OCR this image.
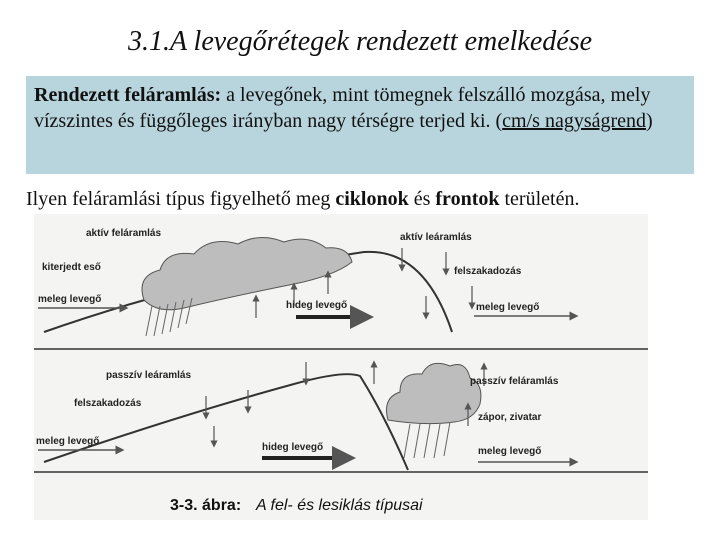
3.1.A levegőrétegek rendezett emelkedése
Rendezett feláramlás: a levegőnek, mint tömegnek felszálló mozgása, mely vízszintes és függőleges irányban nagy térségre terjed ki. (cm/s nagyságrend)
Ilyen feláramlási típus figyelhető meg ciklonok és frontok területén.
aktív feláramlás
kiterjedt eső
meleg levegő
aktív leáramlás
felszakadozás
hideg levegő	meleg levegő
passzív leáramlás
felszakadozás
meleg levegő
passzív feláramlás
zápor, zivatar
hideg levegő	meleg levegő
3-3. ábra: A fel- és lesiklás típusai
